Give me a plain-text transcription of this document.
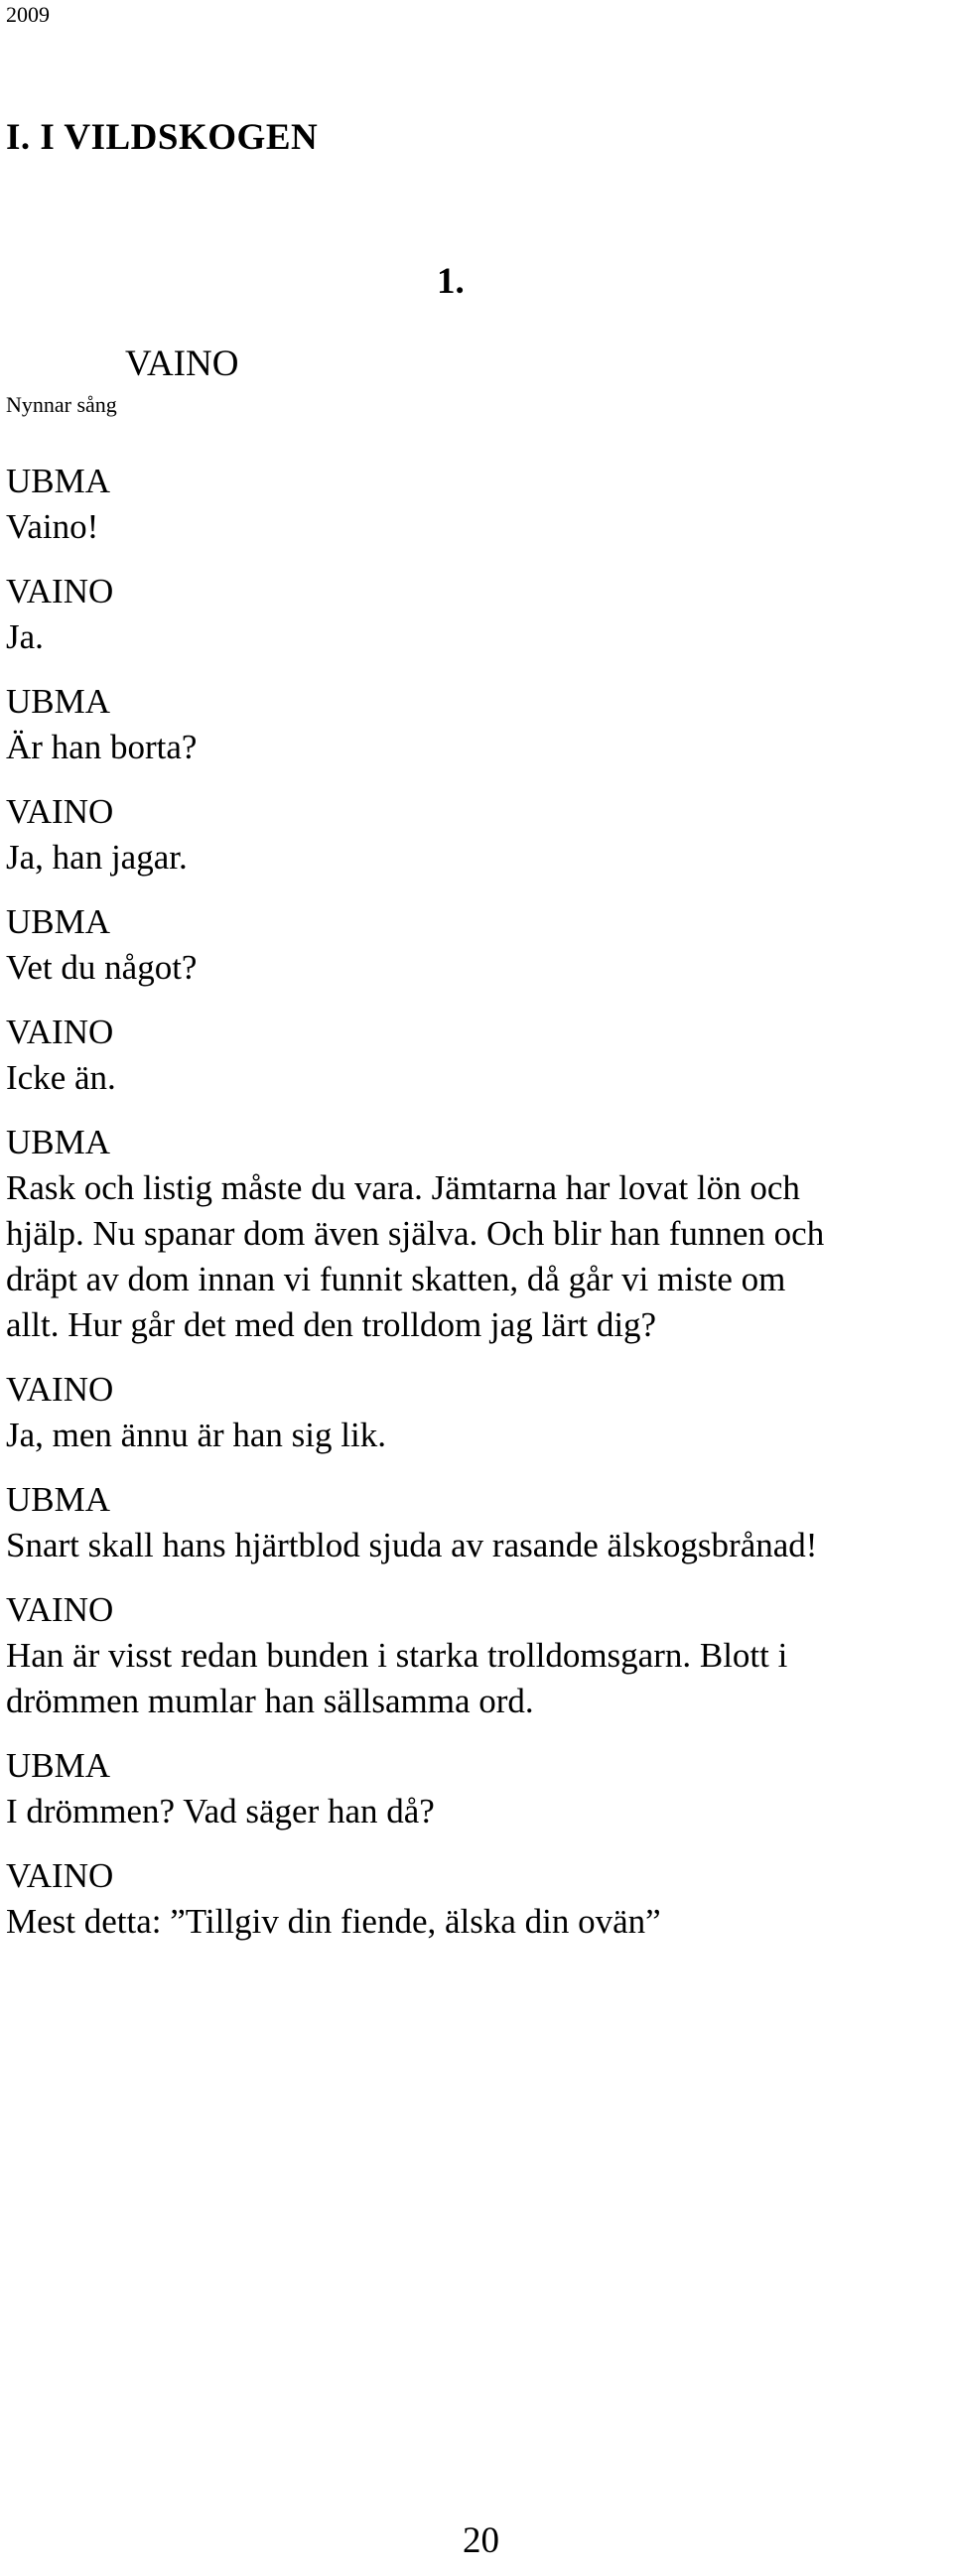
2009
I. I VILDSKOGEN
1.
VAINO
Nynnar sång
UBMA
Vaino!
VAINO
Ja.
UBMA
Är han borta?
VAINO
Ja, han jagar.
UBMA
Vet du något?
VAINO
Icke än.
UBMA
Rask och listig måste du vara. Jämtarna har lovat lön och
hjälp. Nu spanar dom även själva. Och blir han funnen och
dräpt av dom innan vi funnit skatten, då går vi miste om
allt. Hur går det med den trolldom jag lärt dig?
VAINO
Ja, men ännu är han sig lik.
UBMA
Snart skall hans hjärtblod sjuda av rasande älskogsbrånad!
VAINO
Han är visst redan bunden i starka trolldomsgarn. Blott i
drömmen mumlar han sällsamma ord.
UBMA
I drömmen? Vad säger han då?
VAINO
Mest detta: ”Tillgiv din fiende, älska din ovän”
20
